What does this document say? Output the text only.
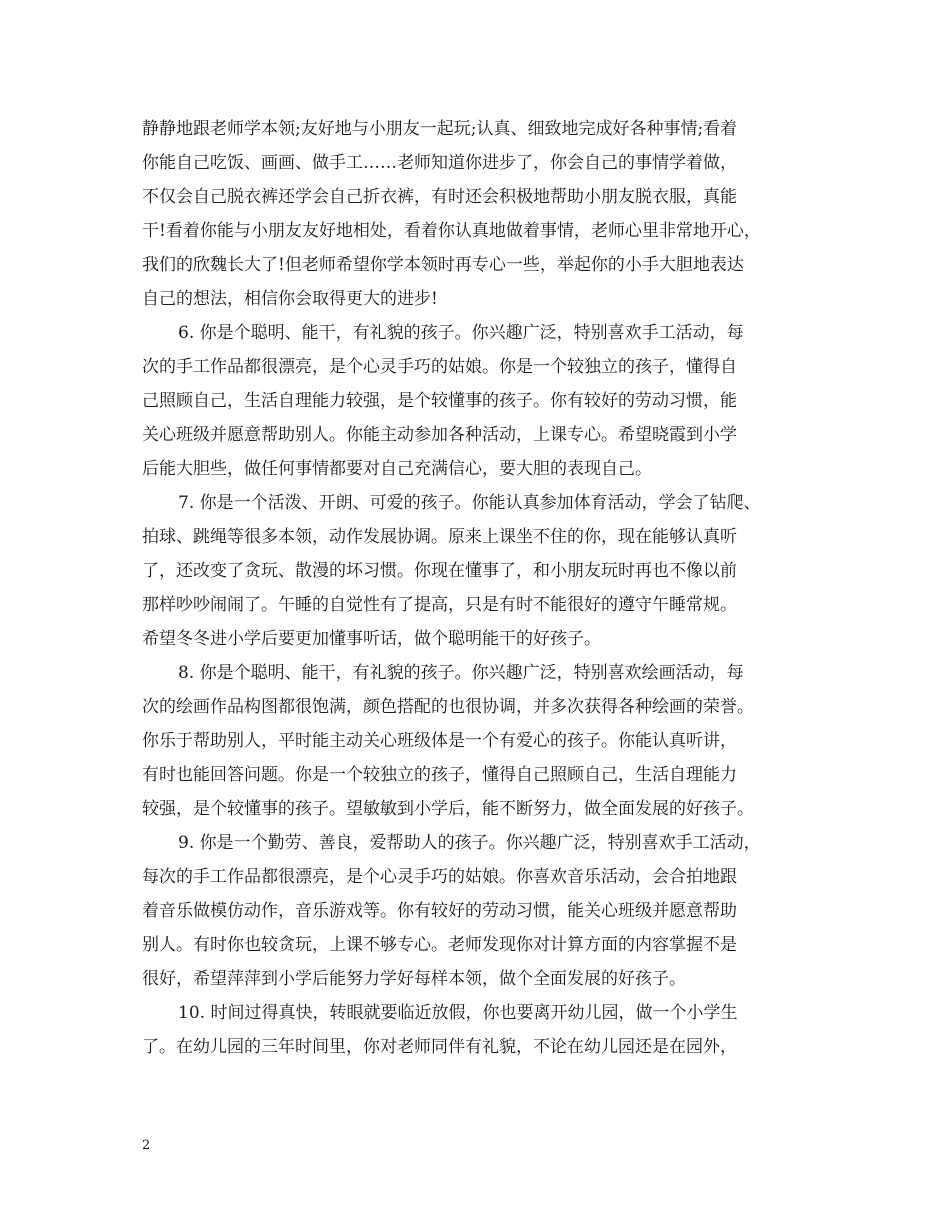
静静地跟老师学本领;友好地与小朋友一起玩;认真、细致地完成好各种事情;看着
你能自己吃饭、画画、做手工……老师知道你进步了，你会自己的事情学着做，
不仅会自己脱衣裤还学会自己折衣裤，有时还会积极地帮助小朋友脱衣服，真能
干!看着你能与小朋友友好地相处，看着你认真地做着事情，老师心里非常地开心，
我们的欣魏长大了!但老师希望你学本领时再专心一些，举起你的小手大胆地表达
自己的想法，相信你会取得更大的进步!
6. 你是个聪明、能干，有礼貌的孩子。你兴趣广泛，特别喜欢手工活动，每
次的手工作品都很漂亮，是个心灵手巧的姑娘。你是一个较独立的孩子，懂得自
己照顾自己，生活自理能力较强，是个较懂事的孩子。你有较好的劳动习惯，能
关心班级并愿意帮助别人。你能主动参加各种活动，上课专心。希望晓霞到小学
后能大胆些，做任何事情都要对自己充满信心，要大胆的表现自己。
7. 你是一个活泼、开朗、可爱的孩子。你能认真参加体育活动，学会了钻爬、
拍球、跳绳等很多本领，动作发展协调。原来上课坐不住的你，现在能够认真听
了，还改变了贪玩、散漫的坏习惯。你现在懂事了，和小朋友玩时再也不像以前
那样吵吵闹闹了。午睡的自觉性有了提高，只是有时不能很好的遵守午睡常规。
希望冬冬进小学后要更加懂事听话，做个聪明能干的好孩子。
8. 你是个聪明、能干，有礼貌的孩子。你兴趣广泛，特别喜欢绘画活动，每
次的绘画作品构图都很饱满，颜色搭配的也很协调，并多次获得各种绘画的荣誉。
你乐于帮助别人，平时能主动关心班级体是一个有爱心的孩子。你能认真听讲，
有时也能回答问题。你是一个较独立的孩子，懂得自己照顾自己，生活自理能力
较强，是个较懂事的孩子。望敏敏到小学后，能不断努力，做全面发展的好孩子。
9. 你是一个勤劳、善良，爱帮助人的孩子。你兴趣广泛，特别喜欢手工活动，
每次的手工作品都很漂亮，是个心灵手巧的姑娘。你喜欢音乐活动，会合拍地跟
着音乐做模仿动作，音乐游戏等。你有较好的劳动习惯，能关心班级并愿意帮助
别人。有时你也较贪玩，上课不够专心。老师发现你对计算方面的内容掌握不是
很好，希望萍萍到小学后能努力学好每样本领，做个全面发展的好孩子。
10. 时间过得真快，转眼就要临近放假，你也要离开幼儿园，做一个小学生
了。在幼儿园的三年时间里，你对老师同伴有礼貌，不论在幼儿园还是在园外，
2
